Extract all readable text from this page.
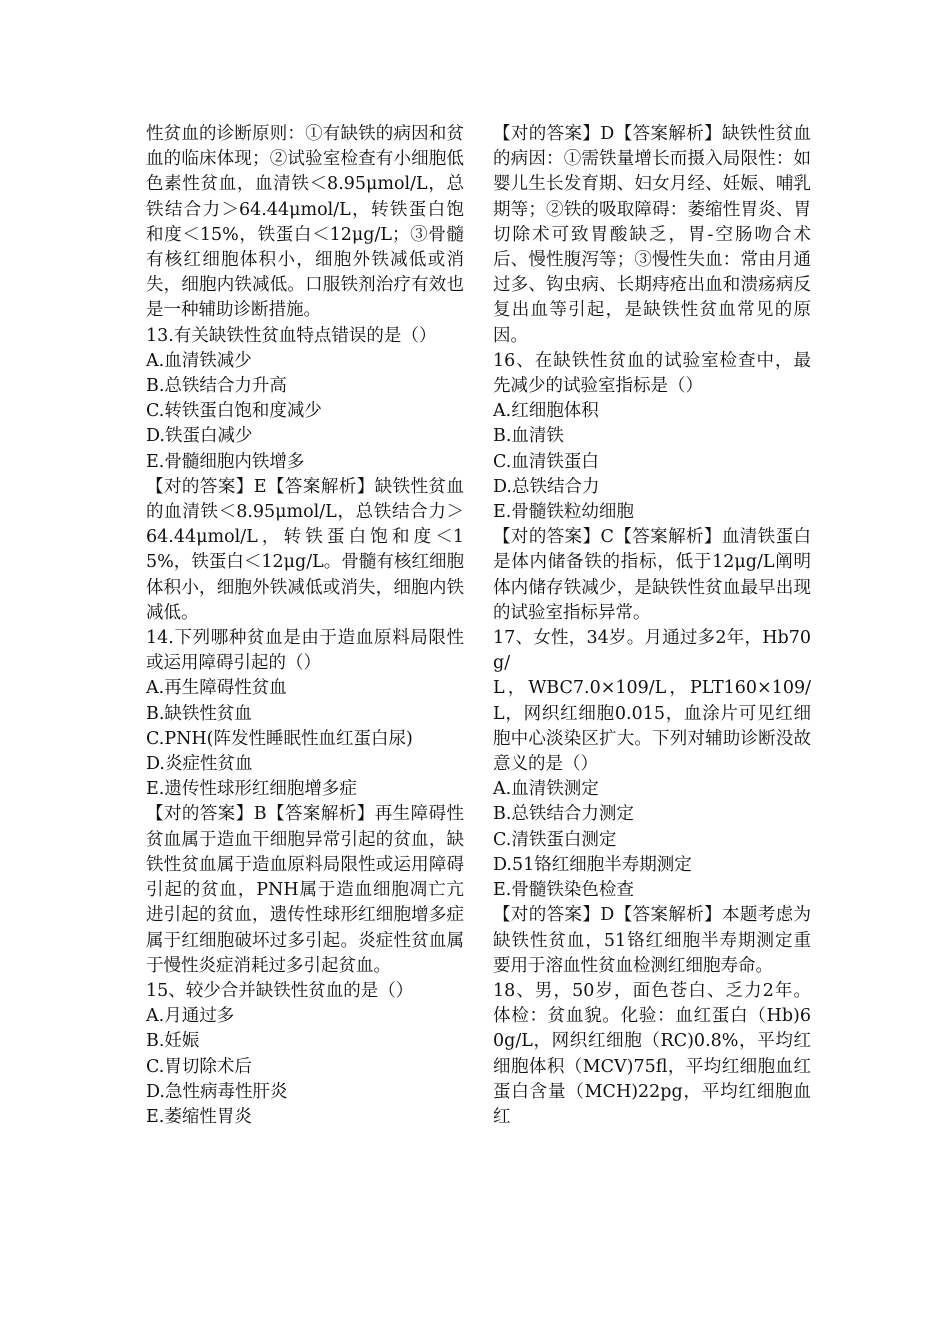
性贫血的诊断原则：①有缺铁的病因和贫血的临床体现；②试验室检查有小细胞低色素性贫血，血清铁＜8.95μmol/L，总铁结合力＞64.44μmol/L，转铁蛋白饱和度＜15%，铁蛋白＜12μg/L；③骨髓有核红细胞体积小，细胞外铁减低或消失，细胞内铁减低。口服铁剂治疗有效也是一种辅助诊断措施。

13.有关缺铁性贫血特点错误的是（）

A.血清铁减少

B.总铁结合力升高

C.转铁蛋白饱和度减少

D.铁蛋白减少

E.骨髓细胞内铁增多

【对的答案】E【答案解析】缺铁性贫血的血清铁＜8.95μmol/L，总铁结合力＞64.44μmol/L，转铁蛋白饱和度＜15%，铁蛋白＜12μg/L。骨髓有核红细胞体积小，细胞外铁减低或消失，细胞内铁减低。

14.下列哪种贫血是由于造血原料局限性或运用障碍引起的（）

A.再生障碍性贫血

B.缺铁性贫血

C.PNH(阵发性睡眠性血红蛋白尿)

D.炎症性贫血

E.遗传性球形红细胞增多症

【对的答案】B【答案解析】再生障碍性贫血属于造血干细胞异常引起的贫血，缺铁性贫血属于造血原料局限性或运用障碍引起的贫血，PNH属于造血细胞凋亡亢进引起的贫血，遗传性球形红细胞增多症属于红细胞破坏过多引起。炎症性贫血属于慢性炎症消耗过多引起贫血。

15、较少合并缺铁性贫血的是（）

A.月通过多

B.妊娠

C.胃切除术后

D.急性病毒性肝炎

E.萎缩性胃炎

【对的答案】D【答案解析】缺铁性贫血的病因：①需铁量增长而摄入局限性：如婴儿生长发育期、妇女月经、妊娠、哺乳期等；②铁的吸取障碍：萎缩性胃炎、胃切除术可致胃酸缺乏，胃-空肠吻合术后、慢性腹泻等；③慢性失血：常由月通过多、钩虫病、长期痔疮出血和溃疡病反复出血等引起，是缺铁性贫血常见的原因。

16、在缺铁性贫血的试验室检查中，最先减少的试验室指标是（）

A.红细胞体积

B.血清铁

C.血清铁蛋白

D.总铁结合力

E.骨髓铁粒幼细胞

【对的答案】C【答案解析】血清铁蛋白是体内储备铁的指标，低于12μg/L阐明体内储存铁减少，是缺铁性贫血最早出现的试验室指标异常。

17、女性，34岁。月通过多2年，Hb70g/

L，WBC7.0×109/L，PLT160×109/L，网织红细胞0.015，血涂片可见红细胞中心淡染区扩大。下列对辅助诊断没故意义的是（）

A.血清铁测定

B.总铁结合力测定

C.清铁蛋白测定

D.51铬红细胞半寿期测定

E.骨髓铁染色检查

【对的答案】D【答案解析】本题考虑为缺铁性贫血，51铬红细胞半寿期测定重要用于溶血性贫血检测红细胞寿命。

18、男，50岁，面色苍白、乏力2年。体检：贫血貌。化验：血红蛋白（Hb)60g/L，网织红细胞（RC)0.8%，平均红细胞体积（MCV)75fl，平均红细胞血红蛋白含量（MCH)22pg，平均红细胞血红
